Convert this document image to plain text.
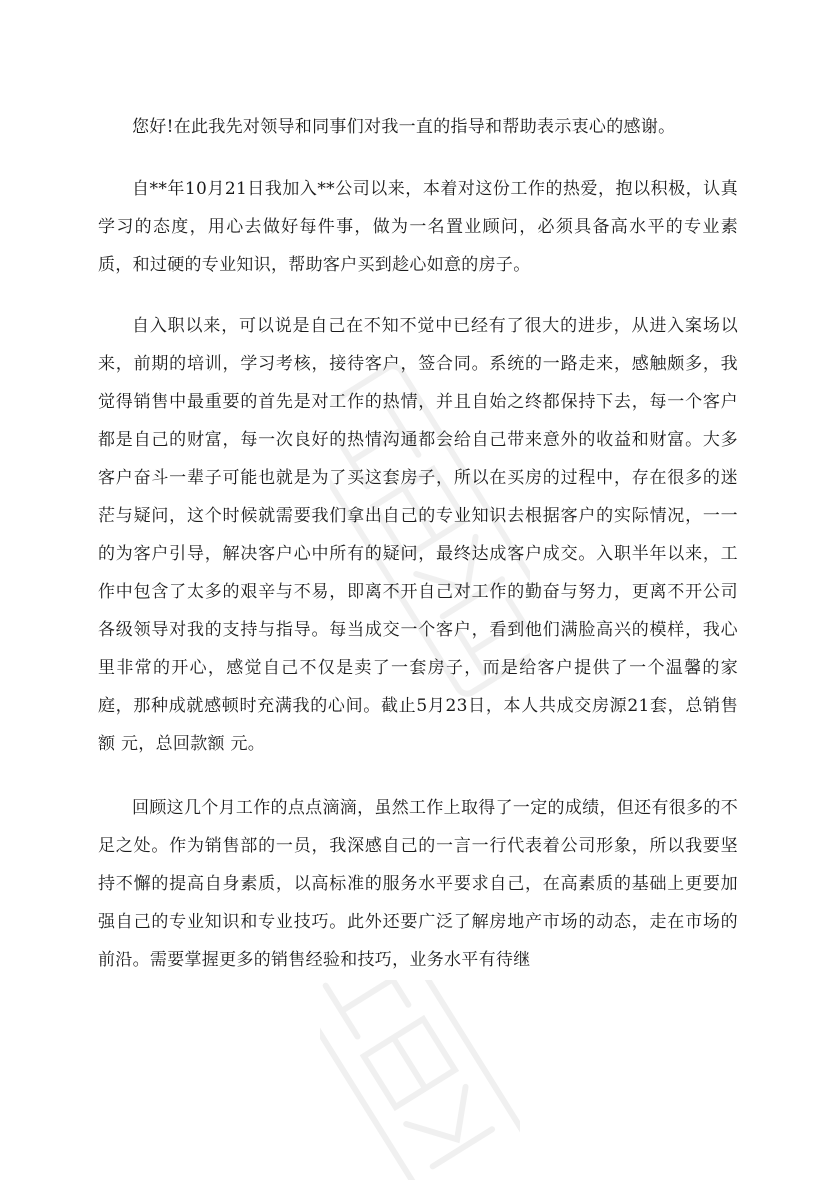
您好!在此我先对领导和同事们对我一直的指导和帮助表示衷心的感谢。

自**年10月21日我加入**公司以来，本着对这份工作的热爱，抱以积极，认真学习的态度，用心去做好每件事，做为一名置业顾问，必须具备高水平的专业素质，和过硬的专业知识，帮助客户买到趁心如意的房子。

自入职以来，可以说是自己在不知不觉中已经有了很大的进步，从进入案场以来，前期的培训，学习考核，接待客户，签合同。系统的一路走来，感触颇多，我觉得销售中最重要的首先是对工作的热情，并且自始之终都保持下去，每一个客户都是自己的财富，每一次良好的热情沟通都会给自己带来意外的收益和财富。大多客户奋斗一辈子可能也就是为了买这套房子，所以在买房的过程中，存在很多的迷茫与疑问，这个时候就需要我们拿出自己的专业知识去根据客户的实际情况，一一的为客户引导，解决客户心中所有的疑问，最终达成客户成交。入职半年以来，工作中包含了太多的艰辛与不易，即离不开自己对工作的勤奋与努力，更离不开公司各级领导对我的支持与指导。每当成交一个客户，看到他们满脸高兴的模样，我心里非常的开心，感觉自己不仅是卖了一套房子，而是给客户提供了一个温馨的家庭，那种成就感顿时充满我的心间。截止5月23日，本人共成交房源21套，总销售额 元，总回款额 元。

回顾这几个月工作的点点滴滴，虽然工作上取得了一定的成绩，但还有很多的不足之处。作为销售部的一员，我深感自己的一言一行代表着公司形象，所以我要坚持不懈的提高自身素质，以高标准的服务水平要求自己，在高素质的基础上更要加强自己的专业知识和专业技巧。此外还要广泛了解房地产市场的动态，走在市场的前沿。需要掌握更多的销售经验和技巧，业务水平有待继
